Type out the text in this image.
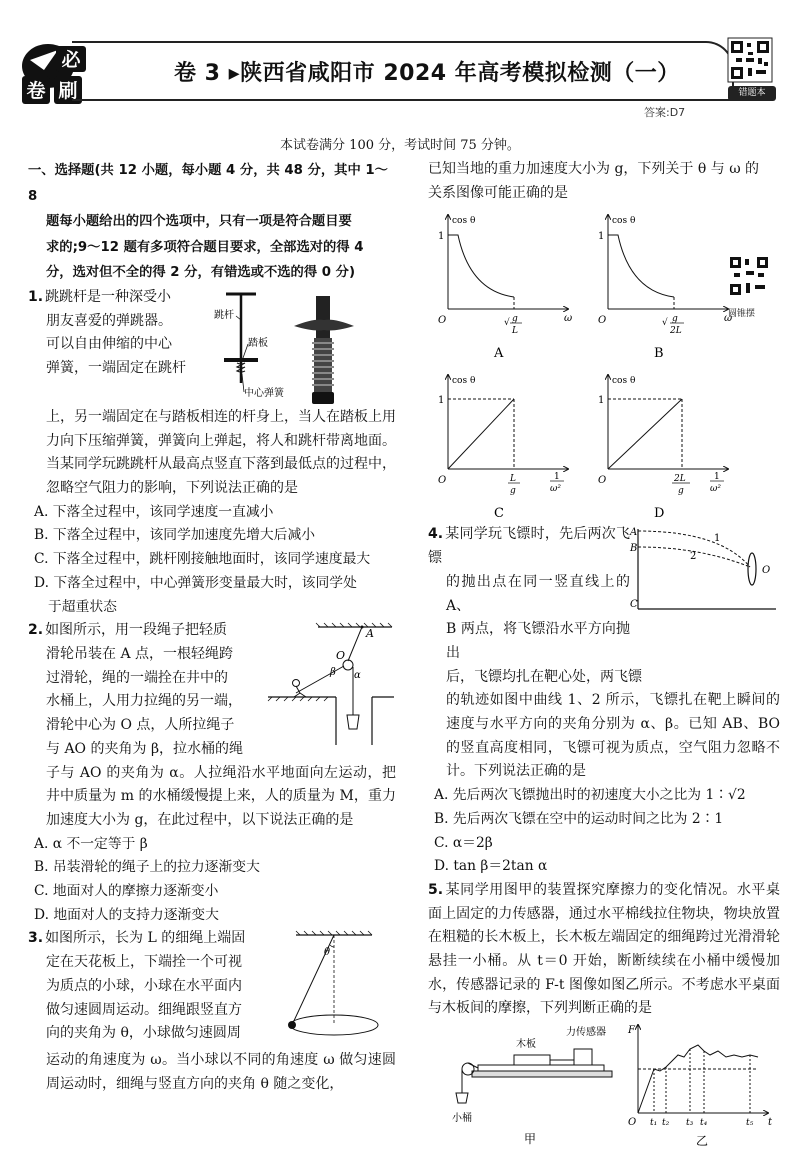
必
卷 刷
卷 3 ▸陕西省咸阳市 2024 年高考模拟检测（一）
答案:D7
错题本
本试卷满分 100 分，考试时间 75 分钟。
一、选择题(共 12 小题，每小题 4 分，共 48 分，其中 1～8
题每小题给出的四个选项中，只有一项是符合题目要
求的;9～12 题有多项符合题目要求，全部选对的得 4
分，选对但不全的得 2 分，有错选或不选的得 0 分)
跳杆
踏板
中心弹簧
1. 跳跳杆是一种深受小
朋友喜爱的弹跳器。
可以自由伸缩的中心
弹簧，一端固定在跳杆
上，另一端固定在与踏板相连的杆身上，当人在踏板上用力向下压缩弹簧，弹簧向上弹起，将人和跳杆带离地面。当某同学玩跳跳杆从最高点竖直下落到最低点的过程中，忽略空气阻力的影响，下列说法正确的是
A. 下落全过程中，该同学速度一直减小
B. 下落全过程中，该同学加速度先增大后减小
C. 下落全过程中，跳杆刚接触地面时，该同学速度最大
D. 下落全过程中，中心弹簧形变量最大时，该同学处
于超重状态
A
O
β α
2. 如图所示，用一段绳子把轻质
滑轮吊装在 A 点，一根轻绳跨
过滑轮，绳的一端拴在井中的
水桶上，人用力拉绳的另一端，
滑轮中心为 O 点，人所拉绳子
与 AO 的夹角为 β，拉水桶的绳
子与 AO 的夹角为 α。人拉绳沿水平地面向左运动，把井中质量为 m 的水桶缓慢提上来，人的质量为 M，重力加速度大小为 g，在此过程中，以下说法正确的是
A. α 不一定等于 β
B. 吊装滑轮的绳子上的拉力逐渐变大
C. 地面对人的摩擦力逐渐变小
D. 地面对人的支持力逐渐变大
θ
3. 如图所示，长为 L 的细绳上端固
定在天花板上，下端拴一个可视
为质点的小球，小球在水平面内
做匀速圆周运动。细绳跟竖直方
向的夹角为 θ，小球做匀速圆周
运动的角速度为 ω。当小球以不同的角速度 ω 做匀速圆周运动时，细绳与竖直方向的夹角 θ 随之变化，
已知当地的重力加速度大小为 g，下列关于 θ 与 ω 的
关系图像可能正确的是
圆锥摆
cos θ
1
O	ω
√ g
L
A
cos θ
1
O	ω
√ g
2L
B
cos θ
1
O	L
g
1
ω²
C
cos θ
1
O	2L
g
1
ω²
D
A
B
C
1
2
O
4. 某同学玩飞镖时，先后两次飞镖
的抛出点在同一竖直线上的 A、
B 两点，将飞镖沿水平方向抛出
后，飞镖均扎在靶心处，两飞镖
的轨迹如图中曲线 1、2 所示，飞镖扎在靶上瞬间的速度与水平方向的夹角分别为 α、β。已知 AB、BO 的竖直高度相同，飞镖可视为质点，空气阻力忽略不计。下列说法正确的是
A. 先后两次飞镖抛出时的初速度大小之比为 1∶√2
B. 先后两次飞镖在空中的运动时间之比为 2∶1
C. α＝2β
D. tan β＝2tan α
5. 某同学用图甲的装置探究摩擦力的变化情况。水平桌面上固定的力传感器，通过水平棉线拉住物块，物块放置在粗糙的长木板上，长木板左端固定的细绳跨过光滑滑轮悬挂一小桶。从 t＝0 开始，断断续续在小桶中缓慢加水，传感器记录的 F-t 图像如图乙所示。不考虑水平桌面与木板间的摩擦，下列判断正确的是
木板
力传感器
小桶
甲
F
O	t
t₁ t₂ t₃ t₄	t₅
乙
